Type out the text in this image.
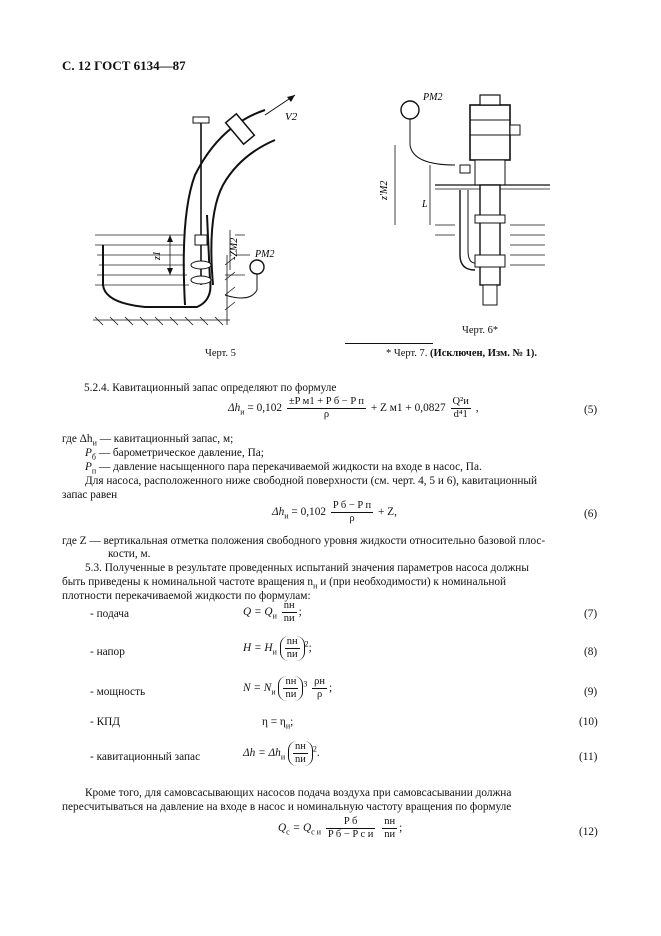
С. 12 ГОСТ 6134—87
V2
z1	-ZM2 PM2
PM2
z'M2
L
Черт. 5
Черт. 6*
* Черт. 7. (Исключен, Изм. № 1).
5.2.4. Кавитационный запас определяют по формуле
$\Delta h_и = 0,102 \frac{\text{±P м1 + P б − P п}}{\rho} + Z$ $м1 + 0,0827 \frac{\text{Q²и}}{\text{d⁴1}}$ ,	(5)
где $\Delta h_и$ — кавитационный запас, м;
$P_б$ — барометрическое давление, Па;
$P_п$ — давление насыщенного пара перекачиваемой жидкости на входе в насос, Па.
Для насоса, расположенного ниже свободной поверхности (см. черт. 4, 5 и 6), кавитационный
запас равен
$\Delta h_и = 0,102 \frac{\text{P б − P п}}{\rho} + Z$,	(6)
где Z — вертикальная отметка положения свободного уровня жидкости относительно базовой плос-
кости, м.
5.3. Полученные в результате проведенных испытаний значения параметров насоса должны
быть приведены к номинальной частоте вращения $n_н$ и (при необходимости) к номинальной
плотности перекачиваемой жидкости по формулам:
- подача	$Q = Q_и \frac{nн}{nи}$ ;	(7)
- напор	$H = H_и \frac{nн}{nи} ^2$;	(8)
- мощность	$N = N_и \frac{nн}{nи} ^3 \frac{\rho н}{\rho}$ ;	(9)
- КПД	$\eta = \eta_и$;	(10)
- кавитационный запас	$\Delta h = \Delta h_и \frac{nн}{nи} ^2$.	(11)
Кроме того, для самовсасывающих насосов подача воздуха при самовсасывании должна
пересчитываться на давление на входе в насос и номинальную частоту вращения по формуле
$Q_с = Q_{с и} \frac{\text{P б}}{\text{P б − P с и}}$
$\frac{nн}{nи}$ ;	(12)
